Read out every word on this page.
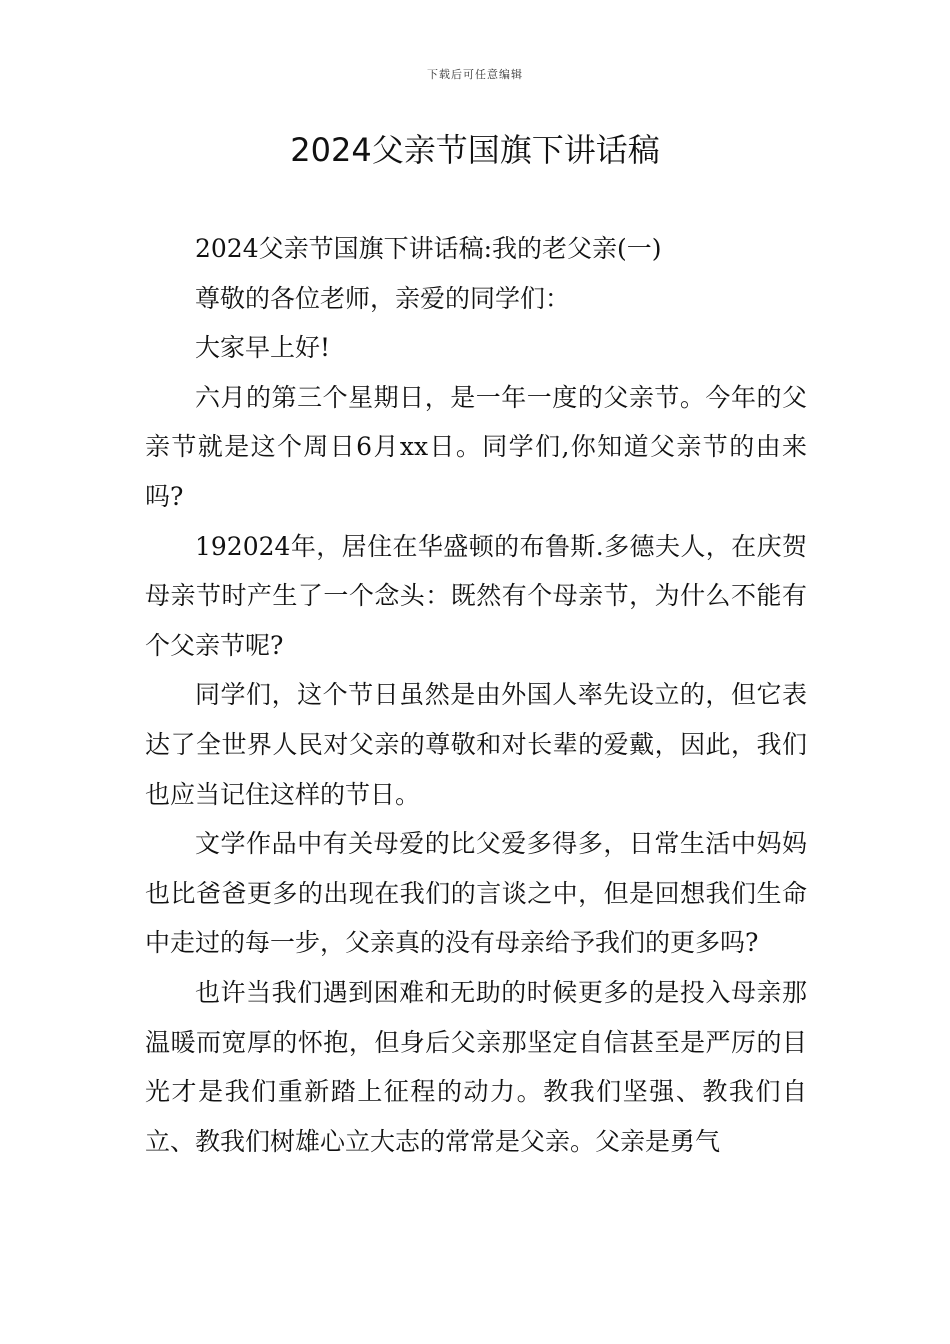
下载后可任意编辑
2024父亲节国旗下讲话稿

2024父亲节国旗下讲话稿:我的老父亲(一)

尊敬的各位老师，亲爱的同学们：

大家早上好!

六月的第三个星期日，是一年一度的父亲节。今年的父亲节就是这个周日6月xx日。同学们,你知道父亲节的由来吗?

192024年，居住在华盛顿的布鲁斯.多德夫人，在庆贺母亲节时产生了一个念头：既然有个母亲节，为什么不能有个父亲节呢?

同学们，这个节日虽然是由外国人率先设立的，但它表达了全世界人民对父亲的尊敬和对长辈的爱戴，因此，我们也应当记住这样的节日。

文学作品中有关母爱的比父爱多得多，日常生活中妈妈也比爸爸更多的出现在我们的言谈之中，但是回想我们生命中走过的每一步，父亲真的没有母亲给予我们的更多吗?

也许当我们遇到困难和无助的时候更多的是投入母亲那温暖而宽厚的怀抱，但身后父亲那坚定自信甚至是严厉的目光才是我们重新踏上征程的动力。教我们坚强、教我们自立、教我们树雄心立大志的常常是父亲。父亲是勇气
